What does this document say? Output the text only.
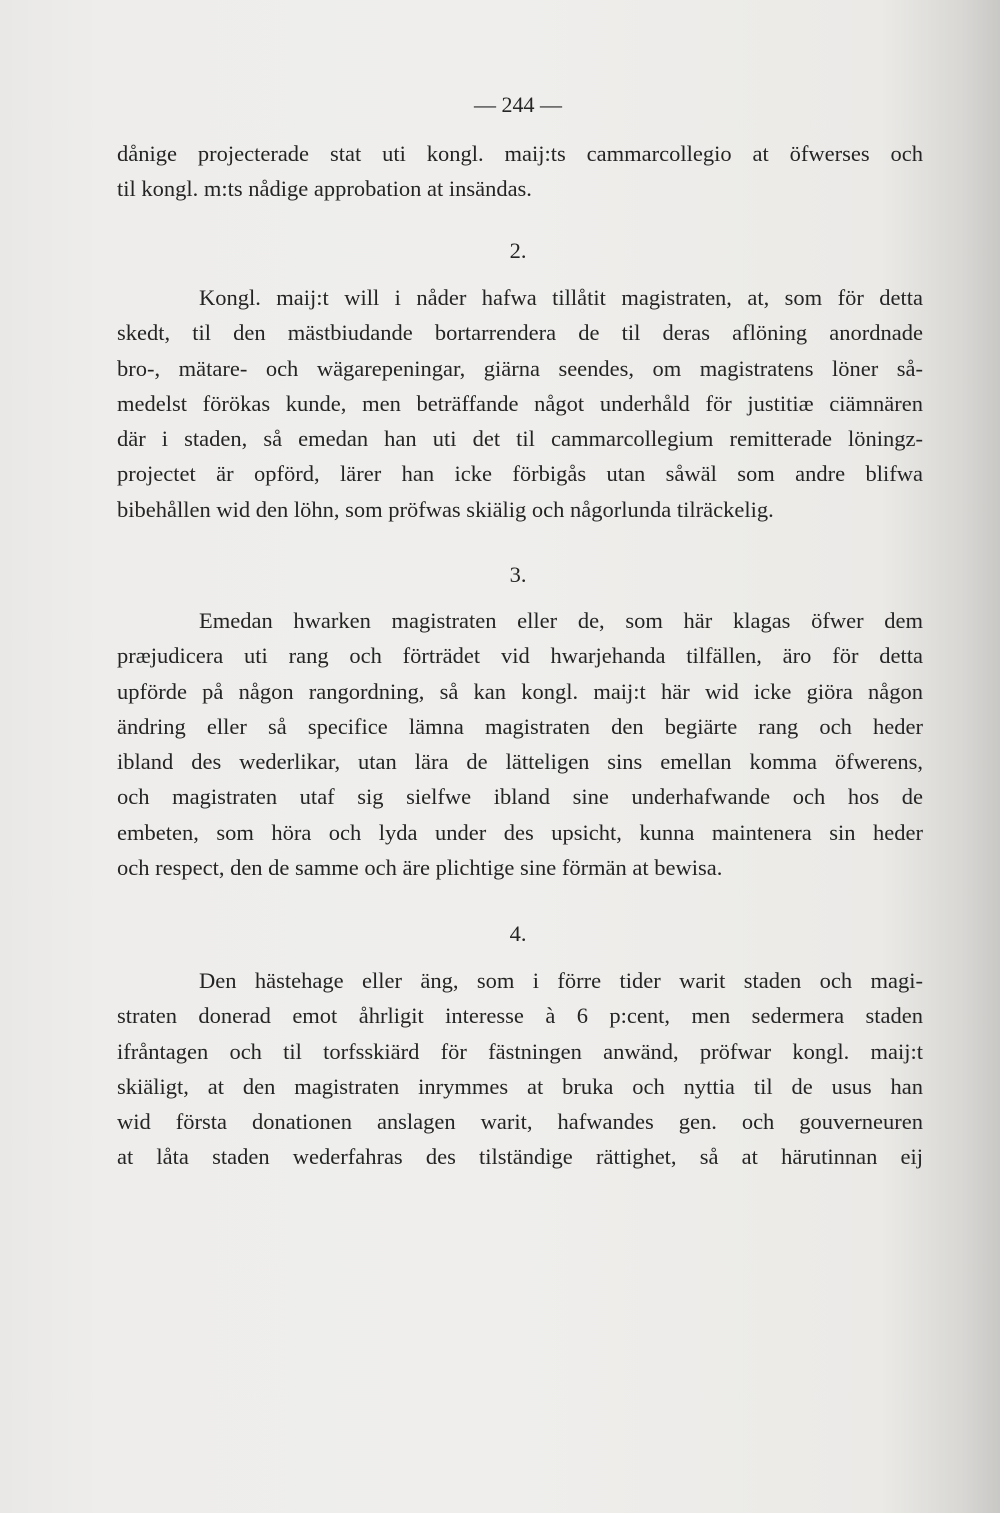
— 244 —
dånige projecterade stat uti kongl. maij:ts cammarcollegio at öfwerses och
til kongl. m:ts nådige approbation at insändas.
2.
Kongl. maij:t will i nåder hafwa tillåtit magistraten, at, som för detta
skedt, til den mästbiudande bortarrendera de til deras aflöning anordnade
bro-, mätare- och wägarepeningar, giärna seendes, om magistratens löner så-
medelst förökas kunde, men beträffande något underhåld för justitiæ ciämnären
där i staden, så emedan han uti det til cammarcollegium remitterade löningz-
projectet är opförd, lärer han icke förbigås utan såwäl som andre blifwa
bibehållen wid den löhn, som pröfwas skiälig och någorlunda tilräckelig.
3.
Emedan hwarken magistraten eller de, som här klagas öfwer dem
præjudicera uti rang och förträdet vid hwarjehanda tilfällen, äro för detta
upförde på någon rangordning, så kan kongl. maij:t här wid icke giöra någon
ändring eller så specifice lämna magistraten den begiärte rang och heder
ibland des wederlikar, utan lära de lätteligen sins emellan komma öfwerens,
och magistraten utaf sig sielfwe ibland sine underhafwande och hos de
embeten, som höra och lyda under des upsicht, kunna maintenera sin heder
och respect, den de samme och äre plichtige sine förmän at bewisa.
4.
Den hästehage eller äng, som i förre tider warit staden och magi-
straten donerad emot åhrligit interesse à 6 p:cent, men sedermera staden
ifråntagen och til torfsskiärd för fästningen anwänd, pröfwar kongl. maij:t
skiäligt, at den magistraten inrymmes at bruka och nyttia til de usus han
wid första donationen anslagen warit, hafwandes gen. och gouverneuren
at låta staden wederfahras des tilständige rättighet, så at härutinnan eij
